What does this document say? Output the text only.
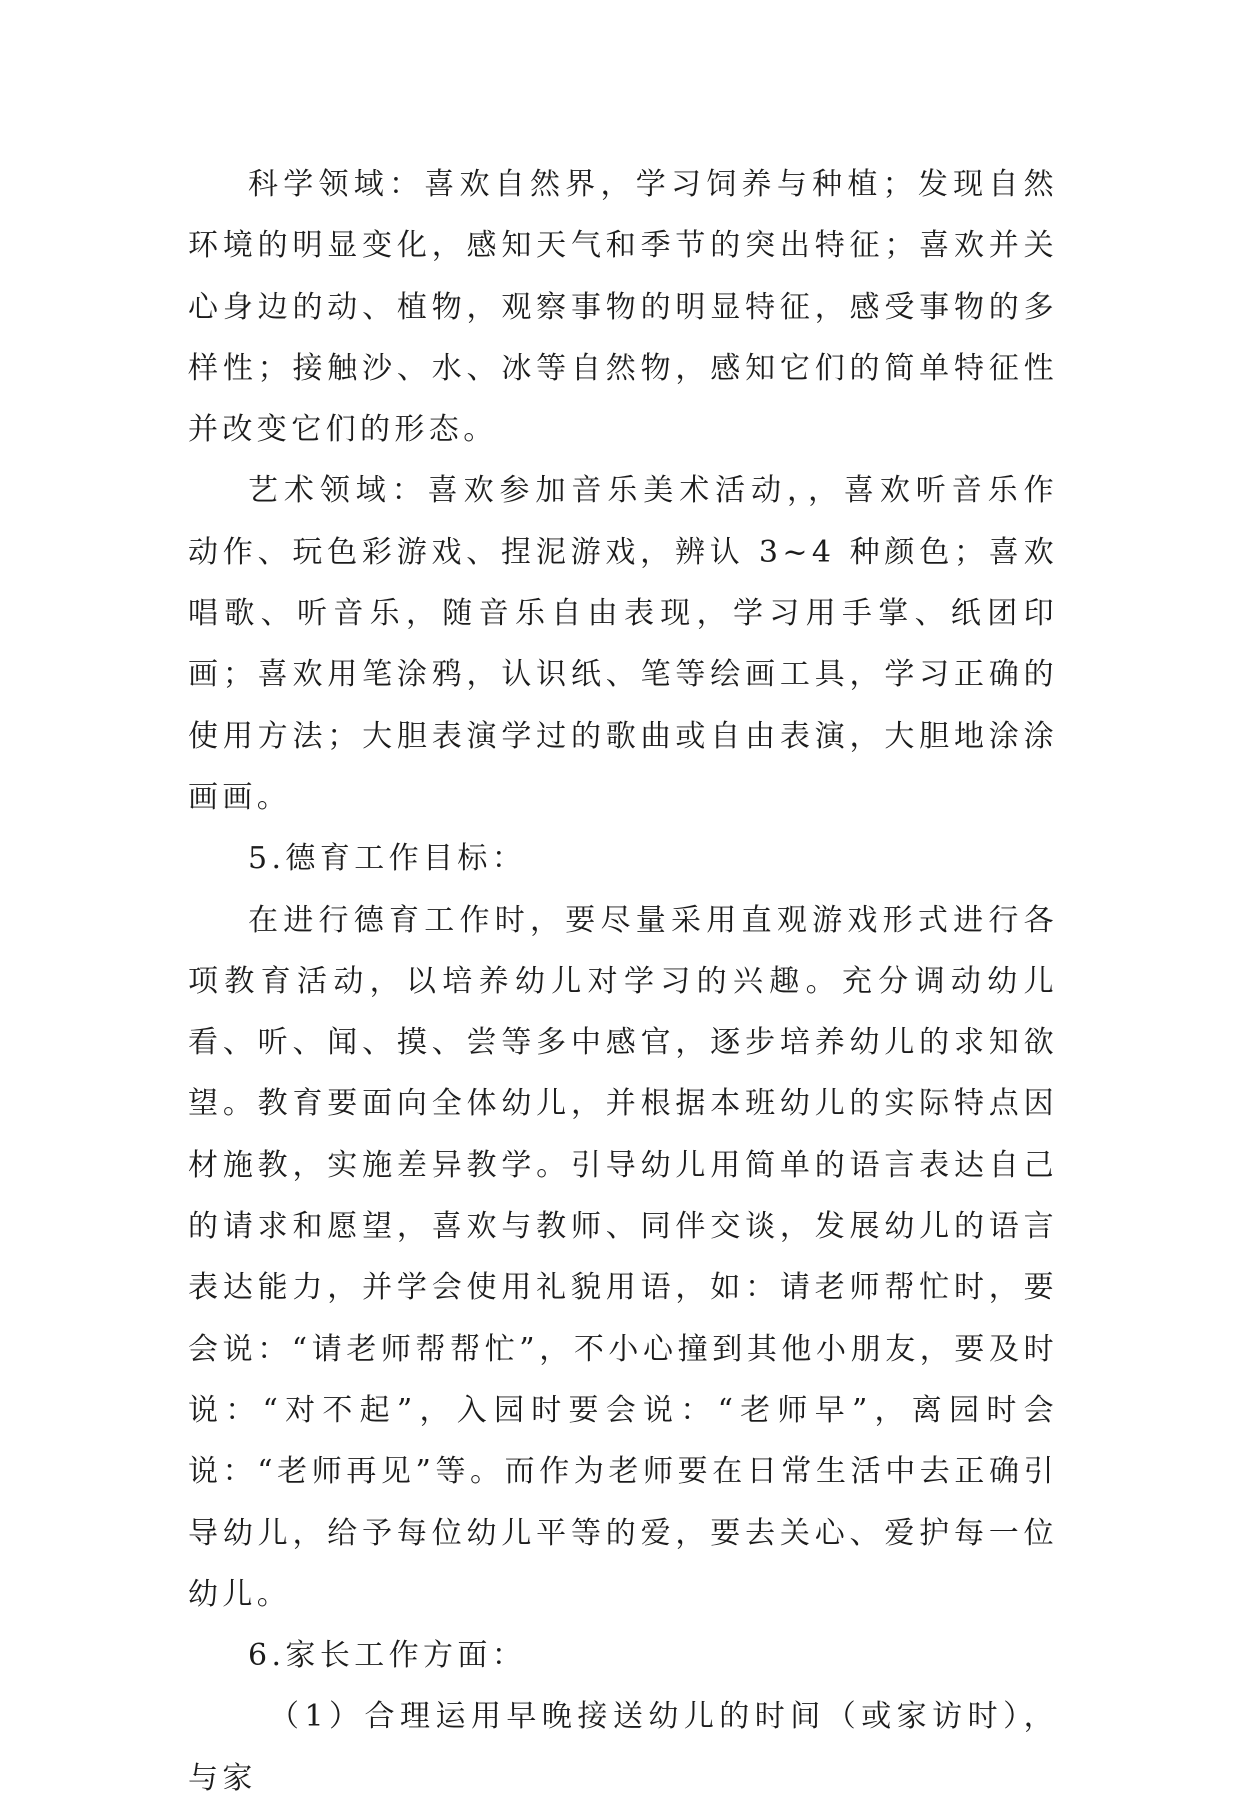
科学领域：喜欢自然界，学习饲养与种植；发现自然环境的明显变化，感知天气和季节的突出特征；喜欢并关心身边的动、植物，观察事物的明显特征，感受事物的多样性；接触沙、水、冰等自然物，感知它们的简单特征性并改变它们的形态。

艺术领域：喜欢参加音乐美术活动，，喜欢听音乐作动作、玩色彩游戏、捏泥游戏，辨认 3~4 种颜色；喜欢唱歌、听音乐，随音乐自由表现，学习用手掌、纸团印画；喜欢用笔涂鸦，认识纸、笔等绘画工具，学习正确的使用方法；大胆表演学过的歌曲或自由表演，大胆地涂涂画画。

5.德育工作目标：

在进行德育工作时，要尽量采用直观游戏形式进行各项教育活动，以培养幼儿对学习的兴趣。充分调动幼儿看、听、闻、摸、尝等多中感官，逐步培养幼儿的求知欲望。教育要面向全体幼儿，并根据本班幼儿的实际特点因材施教，实施差异教学。引导幼儿用简单的语言表达自己的请求和愿望，喜欢与教师、同伴交谈，发展幼儿的语言表达能力，并学会使用礼貌用语，如：请老师帮忙时，要会说：“请老师帮帮忙”，不小心撞到其他小朋友，要及时说：“对不起”，入园时要会说：“老师早”，离园时会说：“老师再见”等。而作为老师要在日常生活中去正确引导幼儿，给予每位幼儿平等的爱，要去关心、爱护每一位幼儿。

6.家长工作方面：

（1）合理运用早晚接送幼儿的时间（或家访时），与家
